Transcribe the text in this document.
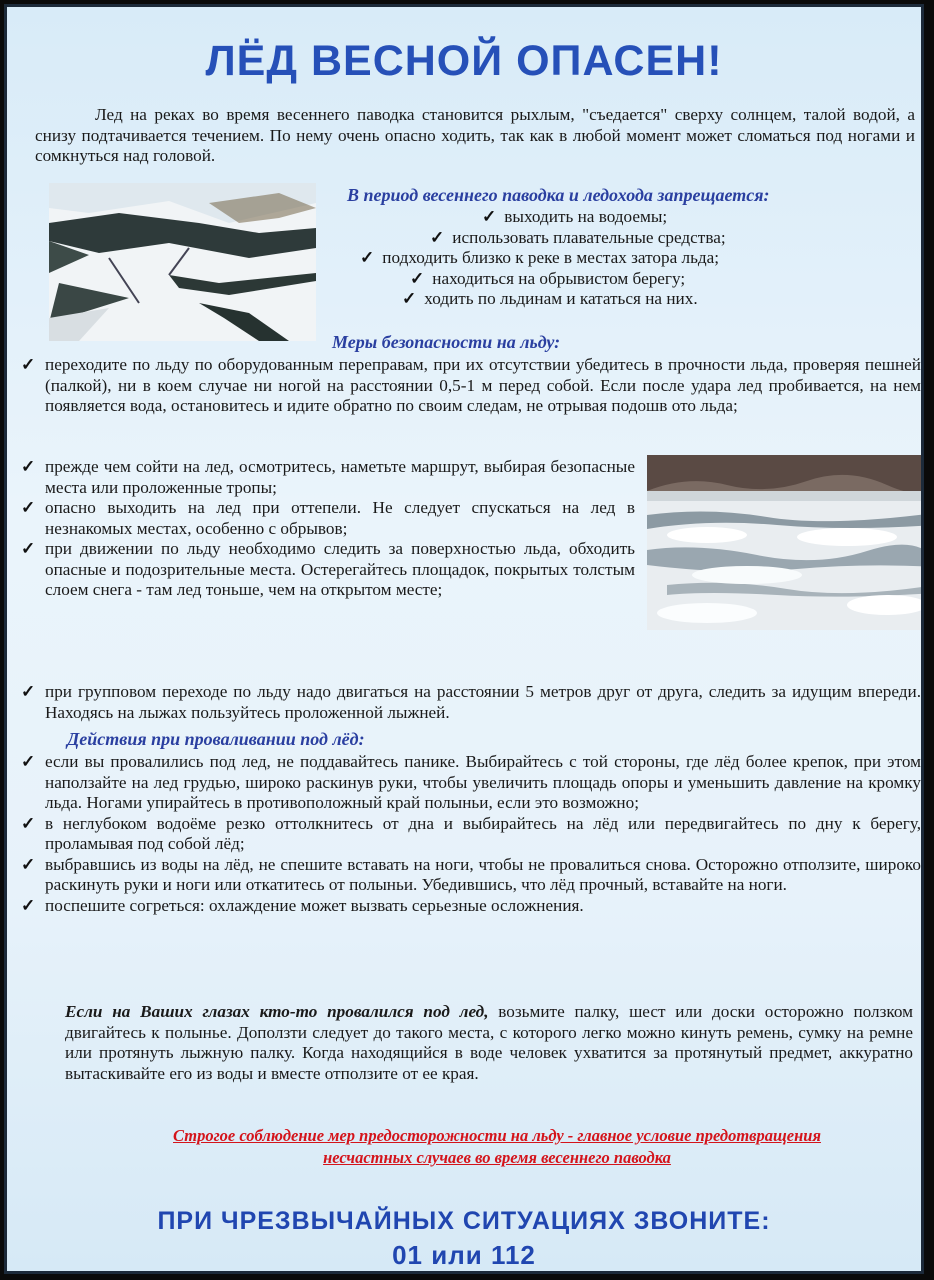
ЛЁД ВЕСНОЙ ОПАСЕН!
Лед на реках во время весеннего паводка становится рыхлым, "съедается" сверху солнцем, талой водой, а снизу подтачивается течением. По нему очень опасно ходить, так как в любой момент может сломаться под ногами и сомкнуться над головой.
В период весеннего паводка и ледохода запрещается:
✓ выходить на водоемы;
✓ использовать плавательные средства;
✓ подходить близко к реке в местах затора льда;
✓ находиться на обрывистом берегу;
✓ ходить по льдинам и кататься на них.
Меры безопасности на льду:
✓ переходите по льду по оборудованным переправам, при их отсутствии убедитесь в прочности льда, проверяя пешней (палкой), ни в коем случае ни ногой на расстоянии 0,5-1 м перед собой. Если после удара лед пробивается, на нем появляется вода, остановитесь и идите обратно по своим следам, не отрывая подошв ото льда;
✓ прежде чем сойти на лед, осмотритесь, наметьте маршрут, выбирая безопасные места или проложенные тропы;
✓ опасно выходить на лед при оттепели. Не следует спускаться на лед в незнакомых местах, особенно с обрывов;
✓ при движении по льду необходимо следить за поверхностью льда, обходить опасные и подозрительные места. Остерегайтесь площадок, покрытых толстым слоем снега - там лед тоньше, чем на открытом месте;
✓ при групповом переходе по льду надо двигаться на расстоянии 5 метров друг от друга, следить за идущим впереди. Находясь на лыжах пользуйтесь проложенной лыжней.
Действия при проваливании под лёд:
✓ если вы провалились под лед, не поддавайтесь панике. Выбирайтесь с той стороны, где лёд более крепок, при этом наползайте на лед грудью, широко раскинув руки, чтобы увеличить площадь опоры и уменьшить давление на кромку льда. Ногами упирайтесь в противоположный край полыньи, если это возможно;
✓ в неглубоком водоёме резко оттолкнитесь от дна и выбирайтесь на лёд или передвигайтесь по дну к берегу, проламывая под собой лёд;
✓ выбравшись из воды на лёд, не спешите вставать на ноги, чтобы не провалиться снова. Осторожно отползите, широко раскинуть руки и ноги или откатитесь от полыньи. Убедившись, что лёд прочный, вставайте на ноги.
✓ поспешите согреться: охлаждение может вызвать серьезные осложнения.
Если на Ваших глазах кто-то провалился под лед, возьмите палку, шест или доски осторожно ползком двигайтесь к полынье. Доползти следует до такого места, с которого легко можно кинуть ремень, сумку на ремне или протянуть лыжную палку. Когда находящийся в воде человек ухватится за протянутый предмет, аккуратно вытаскивайте его из воды и вместе отползите от ее края.
Строгое соблюдение мер предосторожности на льду - главное условие предотвращения несчастных случаев во время весеннего паводка
ПРИ ЧРЕЗВЫЧАЙНЫХ СИТУАЦИЯХ ЗВОНИТЕ:
01 или 112
